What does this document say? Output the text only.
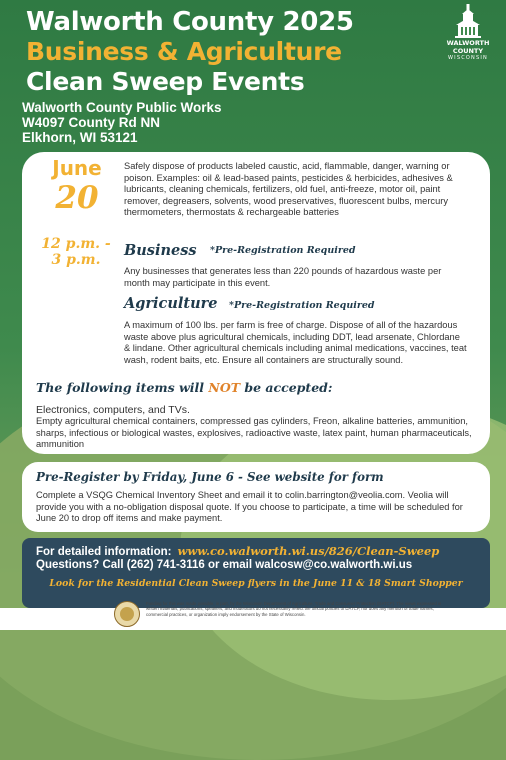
Walworth County 2025
Business & Agriculture
Clean Sweep Events
WALWORTH COUNTY
WISCONSIN
Walworth County Public Works
W4097 County Rd NN
Elkhorn, WI 53121
June
20
12 p.m. -
3 p.m.
Safely dispose of products labeled caustic, acid, flammable, danger, warning or poison. Examples: oil & lead-based paints, pesticides & herbicides, adhesives & lubricants, cleaning chemicals, fertilizers, old fuel, anti-freeze, motor oil, paint remover, degreasers, solvents, wood preservatives, fluorescent bulbs, mercury thermometers, thermostats & rechargeable batteries
Business *Pre-Registration Required
Any businesses that generates less than 220 pounds of hazardous waste per month may participate in this event.
Agriculture *Pre-Registration Required
A maximum of 100 lbs. per farm is free of charge. Dispose of all of the hazardous waste above plus agricultural chemicals, including DDT, lead arsenate, Chlordane & lindane. Other agricultural chemicals including animal medications, vaccines, teat wash, rodent baits, etc. Ensure all containers are structurally sound.
The following items will NOT be accepted:
Electronics, computers, and TVs.
Empty agricultural chemical containers, compressed gas cylinders, Freon, alkaline batteries, ammunition, sharps, infectious or biological wastes, explosives, radioactive waste, latex paint, human pharmaceuticals, ammunition
Pre-Register by Friday, June 6 - See website for form
Complete a VSQG Chemical Inventory Sheet and email it to colin.barrington@veolia.com. Veolia will provide you with a no-obligation disposal quote. If you choose to participate, a time will be scheduled for June 20 to drop off items and make payment.
For detailed information: www.co.walworth.wi.us/826/Clean-Sweep
Questions? Call (262) 741-3116 or email walcosw@co.walworth.wi.us
Look for the Residential Clean Sweep flyers in the June 11 & 18 Smart Shopper
Funding for this was made possible, in part, by the Wisconsin Department of Agriculture, Trade and Consumer Protection (DATCP). The views expressed in written materials, publications, speakers, and moderators do not necessarily reflect the official policies of DATCP, nor does any mention of trade names, commercial practices, or organization imply endorsement by the State of Wisconsin.
